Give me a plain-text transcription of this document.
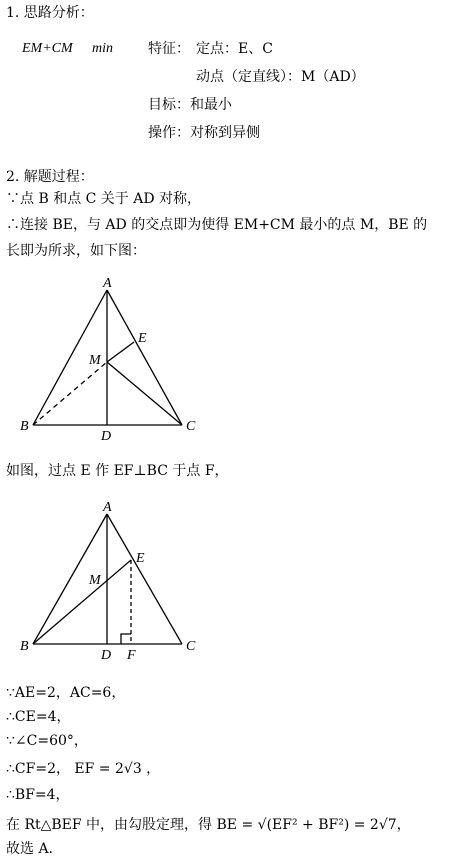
1. 思路分析：
EM+CM min	特征： 定点：E、C
动点（定直线）：M（AD）
目标：和最小
操作：对称到异侧
2. 解题过程：
∵点 B 和点 C 关于 AD 对称，
∴连接 BE，与 AD 的交点即为使得 EM+CM 最小的点 M，BE 的
长即为所求，如下图：
A
E
M
B
D
C
如图，过点 E 作 EF⊥BC 于点 F，
A
E
M
B
D F
C
∵AE=2，AC=6，
∴CE=4，
∵∠C=60°，
∴CF=2， EF = 2√3 ，
∴BF=4，
在 Rt△BEF 中，由勾股定理，得 BE = √(EF² + BF²) = 2√7，
故选 A.
